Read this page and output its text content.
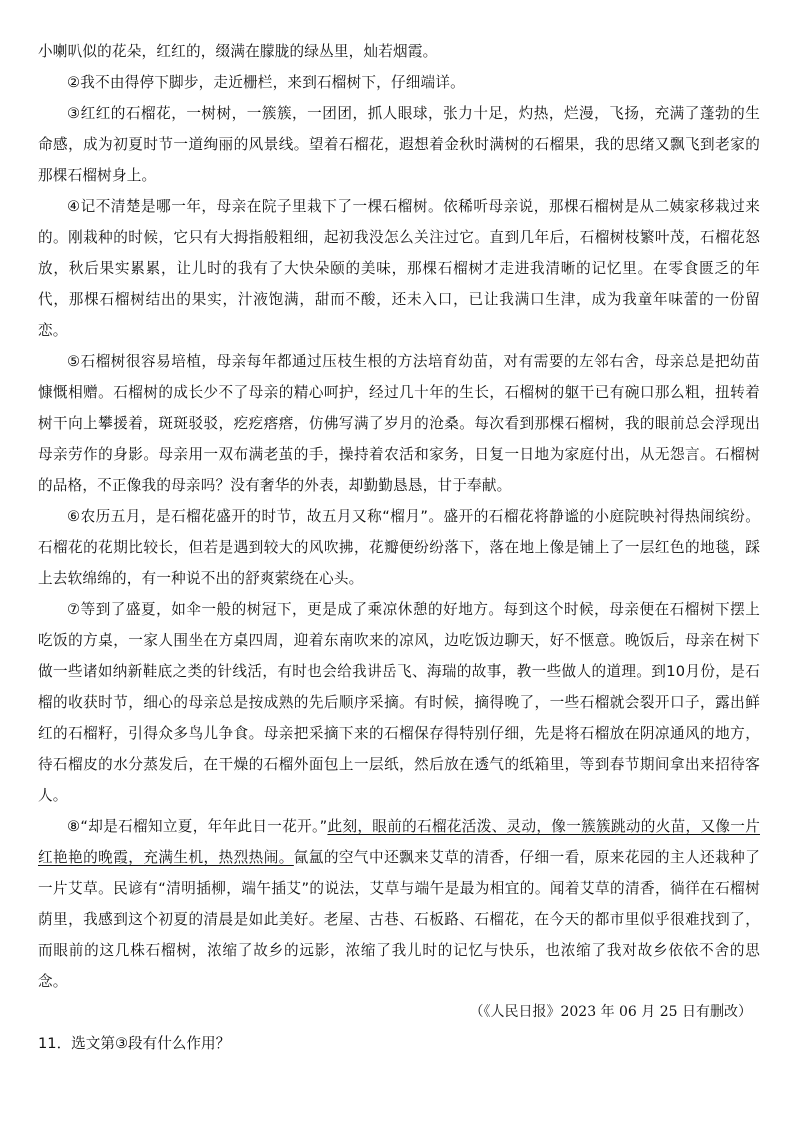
小喇叭似的花朵，红红的，缀满在朦胧的绿丛里，灿若烟霞。

②我不由得停下脚步，走近栅栏，来到石榴树下，仔细端详。

③红红的石榴花，一树树，一簇簇，一团团，抓人眼球，张力十足，灼热，烂漫，飞扬，充满了蓬勃的生命感，成为初夏时节一道绚丽的风景线。望着石榴花，遐想着金秋时满树的石榴果，我的思绪又飘飞到老家的那棵石榴树身上。

④记不清楚是哪一年，母亲在院子里栽下了一棵石榴树。依稀听母亲说，那棵石榴树是从二姨家移栽过来的。刚栽种的时候，它只有大拇指般粗细，起初我没怎么关注过它。直到几年后，石榴树枝繁叶茂，石榴花怒放，秋后果实累累，让儿时的我有了大快朵颐的美味，那棵石榴树才走进我清晰的记忆里。在零食匮乏的年代，那棵石榴树结出的果实，汁液饱满，甜而不酸，还未入口，已让我满口生津，成为我童年味蕾的一份留恋。

⑤石榴树很容易培植，母亲每年都通过压枝生根的方法培育幼苗，对有需要的左邻右舍，母亲总是把幼苗慷慨相赠。石榴树的成长少不了母亲的精心呵护，经过几十年的生长，石榴树的躯干已有碗口那么粗，扭转着树干向上攀援着，斑斑驳驳，疙疙瘩瘩，仿佛写满了岁月的沧桑。每次看到那棵石榴树，我的眼前总会浮现出母亲劳作的身影。母亲用一双布满老茧的手，操持着农活和家务，日复一日地为家庭付出，从无怨言。石榴树的品格，不正像我的母亲吗？没有奢华的外表，却勤勤恳恳，甘于奉献。

⑥农历五月，是石榴花盛开的时节，故五月又称“榴月”。盛开的石榴花将静谧的小庭院映衬得热闹缤纷。石榴花的花期比较长，但若是遇到较大的风吹拂，花瓣便纷纷落下，落在地上像是铺上了一层红色的地毯，踩上去软绵绵的，有一种说不出的舒爽萦绕在心头。

⑦等到了盛夏，如伞一般的树冠下，更是成了乘凉休憩的好地方。每到这个时候，母亲便在石榴树下摆上吃饭的方桌，一家人围坐在方桌四周，迎着东南吹来的凉风，边吃饭边聊天，好不惬意。晚饭后，母亲在树下做一些诸如纳新鞋底之类的针线活，有时也会给我讲岳飞、海瑞的故事，教一些做人的道理。到10月份，是石榴的收获时节，细心的母亲总是按成熟的先后顺序采摘。有时候，摘得晚了，一些石榴就会裂开口子，露出鲜红的石榴籽，引得众多鸟儿争食。母亲把采摘下来的石榴保存得特别仔细，先是将石榴放在阴凉通风的地方，待石榴皮的水分蒸发后，在干燥的石榴外面包上一层纸，然后放在透气的纸箱里，等到春节期间拿出来招待客人。

⑧“却是石榴知立夏，年年此日一花开。”此刻，眼前的石榴花活泼、灵动，像一簇簇跳动的火苗，又像一片红艳艳的晚霞，充满生机，热烈热闹。氤氲的空气中还飘来艾草的清香，仔细一看，原来花园的主人还栽种了一片艾草。民谚有“清明插柳，端午插艾”的说法，艾草与端午是最为相宜的。闻着艾草的清香，徜徉在石榴树荫里，我感到这个初夏的清晨是如此美好。老屋、古巷、石板路、石榴花，在今天的都市里似乎很难找到了，而眼前的这几株石榴树，浓缩了故乡的远影，浓缩了我儿时的记忆与快乐，也浓缩了我对故乡依依不舍的思念。

（《人民日报》2023 年 06 月 25 日有删改）

11．选文第③段有什么作用？
